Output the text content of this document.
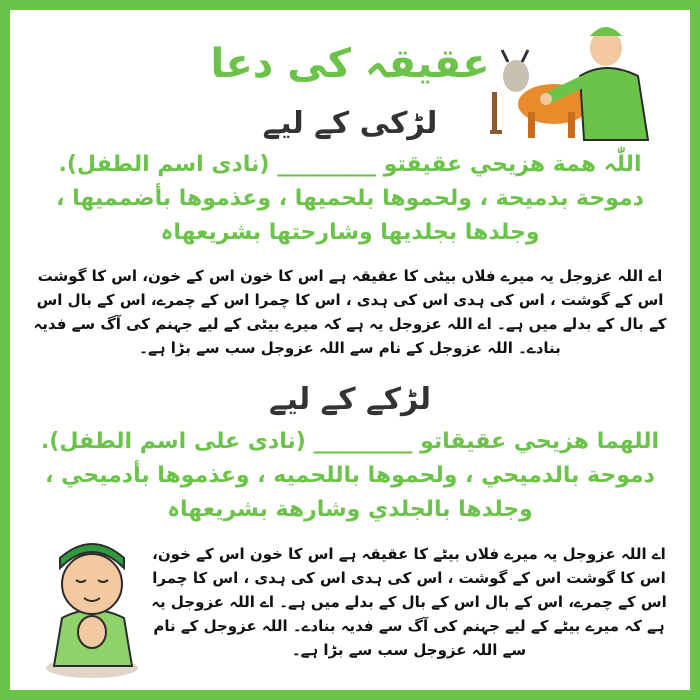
عقیقہ کی دعا
لڑکی کے لیے
اللّٰہ ھمة ھزیحي عقیقتو _________ (نادی اسم الطفل). دموحة بدمیحة ، ولحموھا بلحمیھا ، وعذموھا بأضممیھا ، وجلدھا بجلدیھا وشارحتھا بشریعھاہ
اے اللہ عزوجل یہ میرے فلاں بیٹی کا عقیقہ ہے اس کا خون اس کے خون، اس کا گوشت اس کے گوشت ، اس کی ہدی اس کی ہدی ، اس کا چمرا اس کے چمرے، اس کے بال اس کے بال کے بدلے میں ہے۔ اے اللہ عزوجل یہ ہے کہ میرے بیٹی کے لیے جہنم کی آگ سے فدیہ بنادے۔ اللہ عزوجل کے نام سے اللہ عزوجل سب سے بڑا ہے۔
لڑکے کے لیے
اللھما ھزیحي عقیقاتو _________ (نادی علی اسم الطفل). دموحة بالدمیحي ، ولحموھا باللحمیه ، وعذموھا بأدمیحي ، وجلدھا بالجلدي وشارھة بشریعھاہ
اے اللہ عزوجل یہ میرے فلاں بیٹے کا عقیقہ ہے اس کا خون اس کے خون، اس کا گوشت اس کے گوشت ، اس کی ہدی اس کی ہدی ، اس کا چمرا اس کے چمرے، اس کے بال اس کے بال کے بدلے میں ہے۔ اے اللہ عزوجل یہ ہے کہ میرے بیٹے کے لیے جہنم کی آگ سے فدیہ بنادے۔ اللہ عزوجل کے نام سے اللہ عزوجل سب سے بڑا ہے۔
